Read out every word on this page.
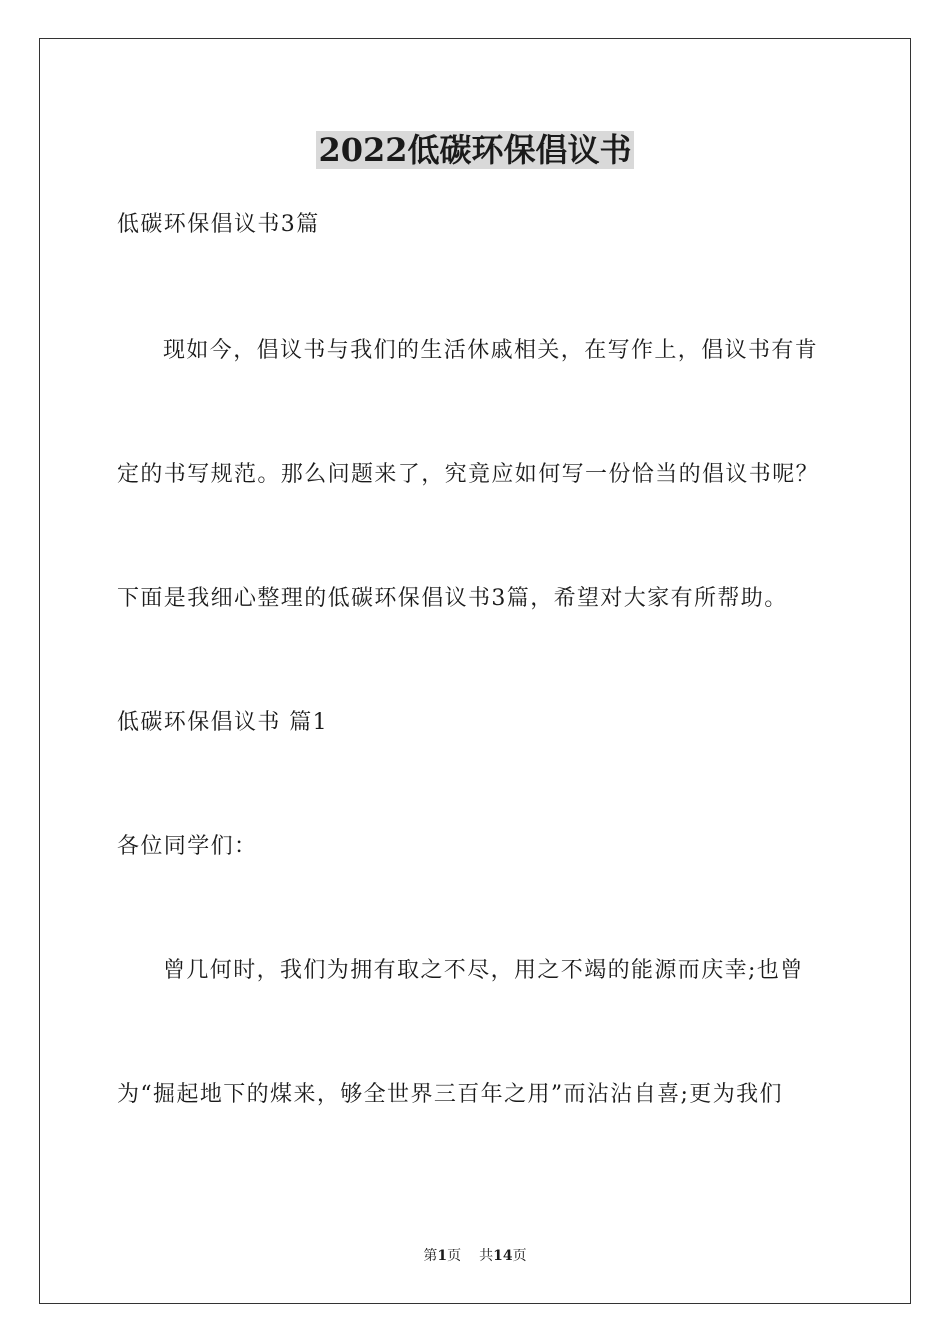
2022低碳环保倡议书
低碳环保倡议书3篇
现如今，倡议书与我们的生活休戚相关，在写作上，倡议书有肯
定的书写规范。那么问题来了，究竟应如何写一份恰当的倡议书呢？
下面是我细心整理的低碳环保倡议书3篇，希望对大家有所帮助。
低碳环保倡议书 篇1
各位同学们：
曾几何时，我们为拥有取之不尽，用之不竭的能源而庆幸;也曾
为“掘起地下的煤来，够全世界三百年之用”而沾沾自喜;更为我们
第1页 共14页
